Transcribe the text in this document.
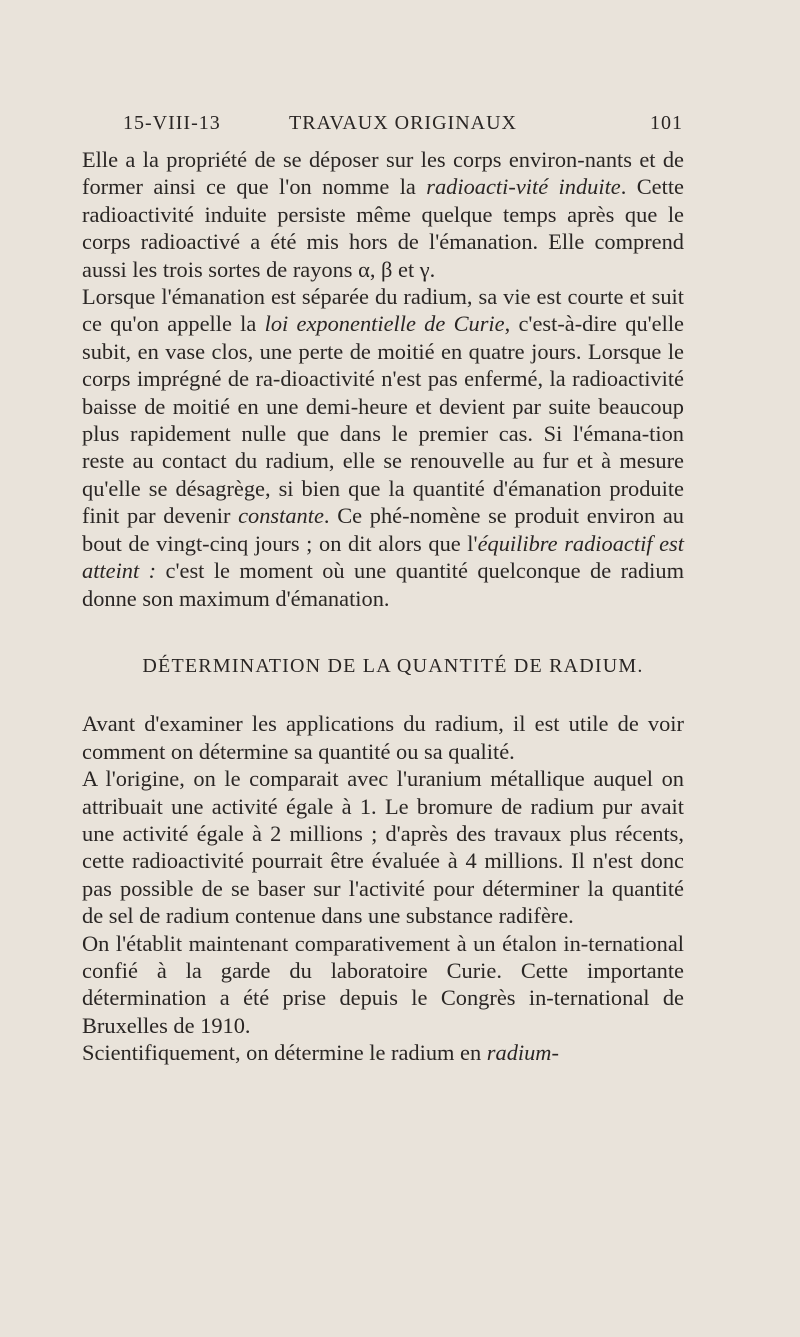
15-VIII-13	TRAVAUX ORIGINAUX	101

Elle a la propriété de se déposer sur les corps environ-nants et de former ainsi ce que l'on nomme la radioacti-vité induite. Cette radioactivité induite persiste même quelque temps après que le corps radioactivé a été mis hors de l'émanation. Elle comprend aussi les trois sortes de rayons α, β et γ.

Lorsque l'émanation est séparée du radium, sa vie est courte et suit ce qu'on appelle la loi exponentielle de Curie, c'est-à-dire qu'elle subit, en vase clos, une perte de moitié en quatre jours. Lorsque le corps imprégné de ra-dioactivité n'est pas enfermé, la radioactivité baisse de moitié en une demi-heure et devient par suite beaucoup plus rapidement nulle que dans le premier cas. Si l'émana-tion reste au contact du radium, elle se renouvelle au fur et à mesure qu'elle se désagrège, si bien que la quantité d'émanation produite finit par devenir constante. Ce phé-nomène se produit environ au bout de vingt-cinq jours ; on dit alors que l'équilibre radioactif est atteint : c'est le moment où une quantité quelconque de radium donne son maximum d'émanation.

DÉTERMINATION DE LA QUANTITÉ DE RADIUM.

Avant d'examiner les applications du radium, il est utile de voir comment on détermine sa quantité ou sa qualité.

A l'origine, on le comparait avec l'uranium métallique auquel on attribuait une activité égale à 1. Le bromure de radium pur avait une activité égale à 2 millions ; d'après des travaux plus récents, cette radioactivité pourrait être évaluée à 4 millions. Il n'est donc pas possible de se baser sur l'activité pour déterminer la quantité de sel de radium contenue dans une substance radifère.

On l'établit maintenant comparativement à un étalon in-ternational confié à la garde du laboratoire Curie. Cette importante détermination a été prise depuis le Congrès in-ternational de Bruxelles de 1910.

Scientifiquement, on détermine le radium en radium-
